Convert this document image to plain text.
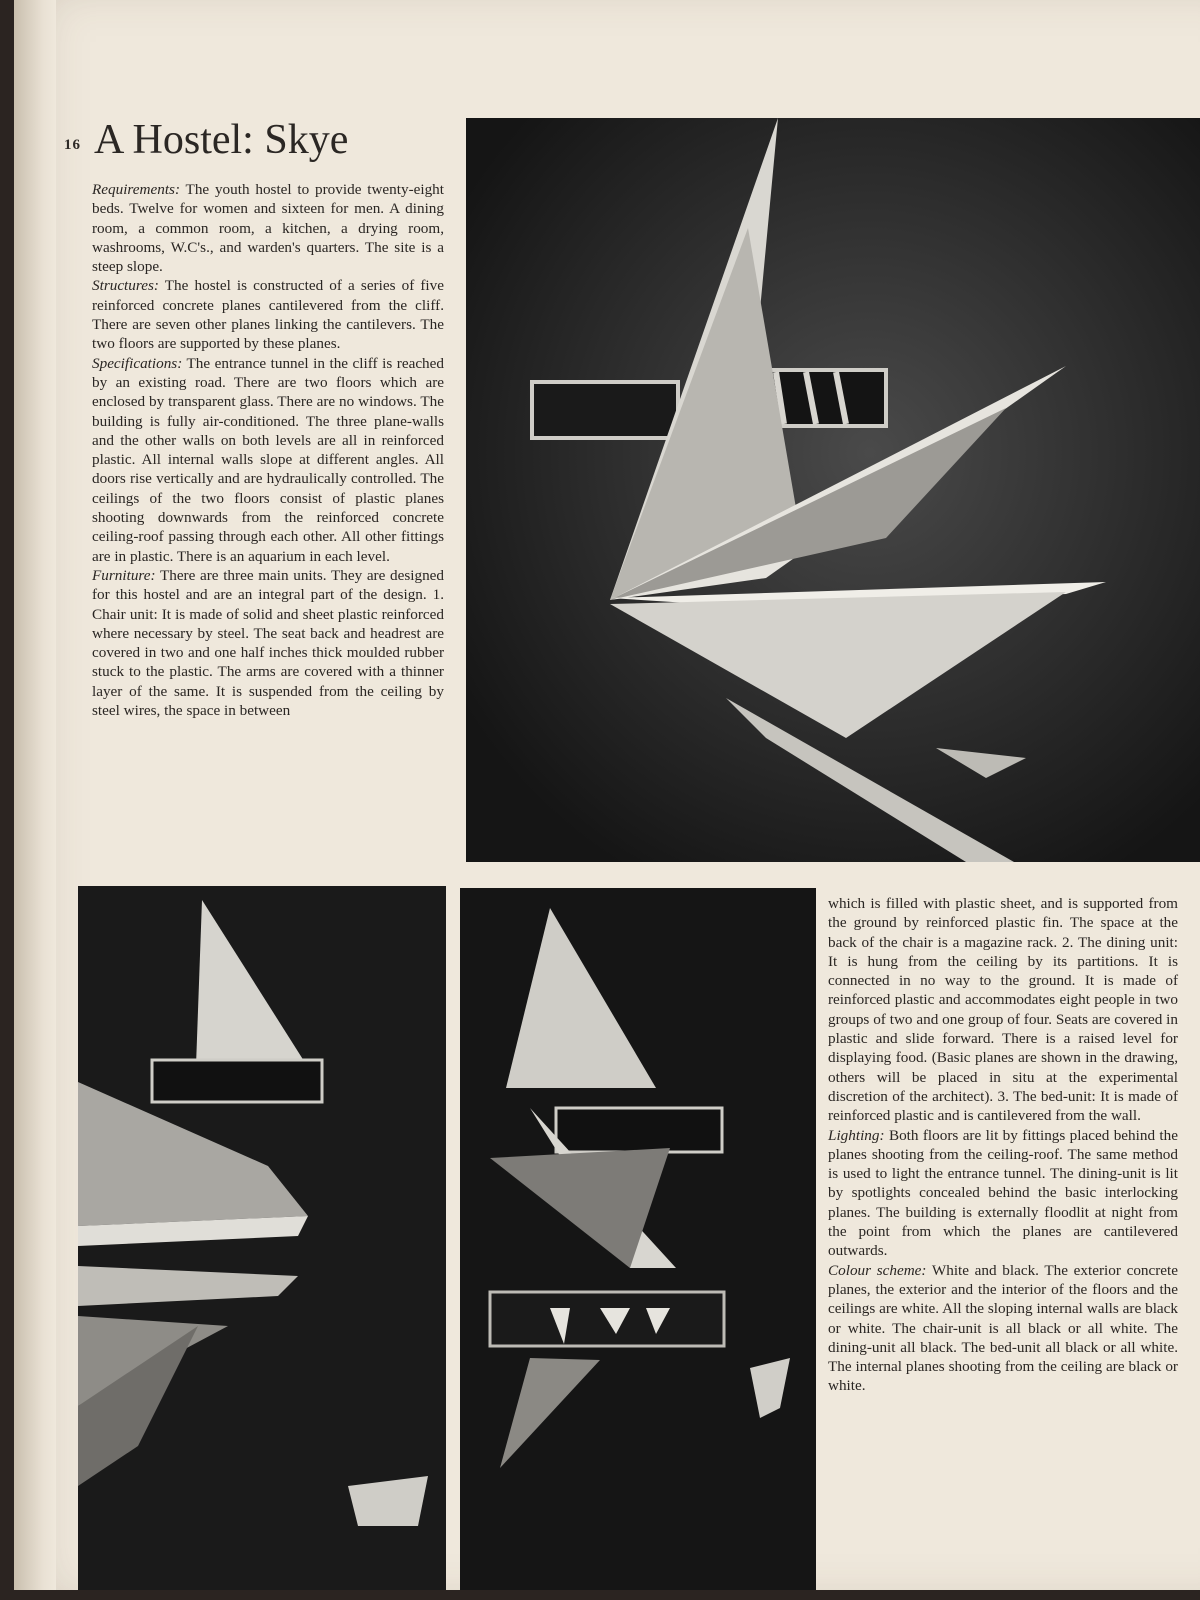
16 A Hostel: Skye

Requirements: The youth hostel to provide twenty-eight beds. Twelve for women and sixteen for men. A dining room, a common room, a kitchen, a drying room, washrooms, W.C's., and warden's quarters. The site is a steep slope.

Structures: The hostel is constructed of a series of five reinforced concrete planes cantilevered from the cliff. There are seven other planes linking the cantilevers. The two floors are supported by these planes.

Specifications: The entrance tunnel in the cliff is reached by an existing road. There are two floors which are enclosed by transparent glass. There are no windows. The building is fully air-conditioned. The three plane-walls and the other walls on both levels are all in reinforced plastic. All internal walls slope at different angles. All doors rise vertically and are hydraulically controlled. The ceilings of the two floors consist of plastic planes shooting downwards from the reinforced concrete ceiling-roof passing through each other. All other fittings are in plastic. There is an aquarium in each level.

Furniture: There are three main units. They are designed for this hostel and are an integral part of the design. 1. Chair unit: It is made of solid and sheet plastic reinforced where necessary by steel. The seat back and headrest are covered in two and one half inches thick moulded rubber stuck to the plastic. The arms are covered with a thinner layer of the same. It is suspended from the ceiling by steel wires, the space in between

which is filled with plastic sheet, and is supported from the ground by reinforced plastic fin. The space at the back of the chair is a magazine rack. 2. The dining unit: It is hung from the ceiling by its partitions. It is connected in no way to the ground. It is made of reinforced plastic and accommodates eight people in two groups of two and one group of four. Seats are covered in plastic and slide forward. There is a raised level for displaying food. (Basic planes are shown in the drawing, others will be placed in situ at the experimental discretion of the architect). 3. The bed-unit: It is made of reinforced plastic and is cantilevered from the wall.

Lighting: Both floors are lit by fittings placed behind the planes shooting from the ceiling-roof. The same method is used to light the entrance tunnel. The dining-unit is lit by spotlights concealed behind the basic interlocking planes. The building is externally floodlit at night from the point from which the planes are cantilevered outwards.

Colour scheme: White and black. The exterior concrete planes, the exterior and the interior of the floors and the ceilings are white. All the sloping internal walls are black or white. The chair-unit is all black or all white. The dining-unit all black. The bed-unit all black or all white. The internal planes shooting from the ceiling are black or white.
